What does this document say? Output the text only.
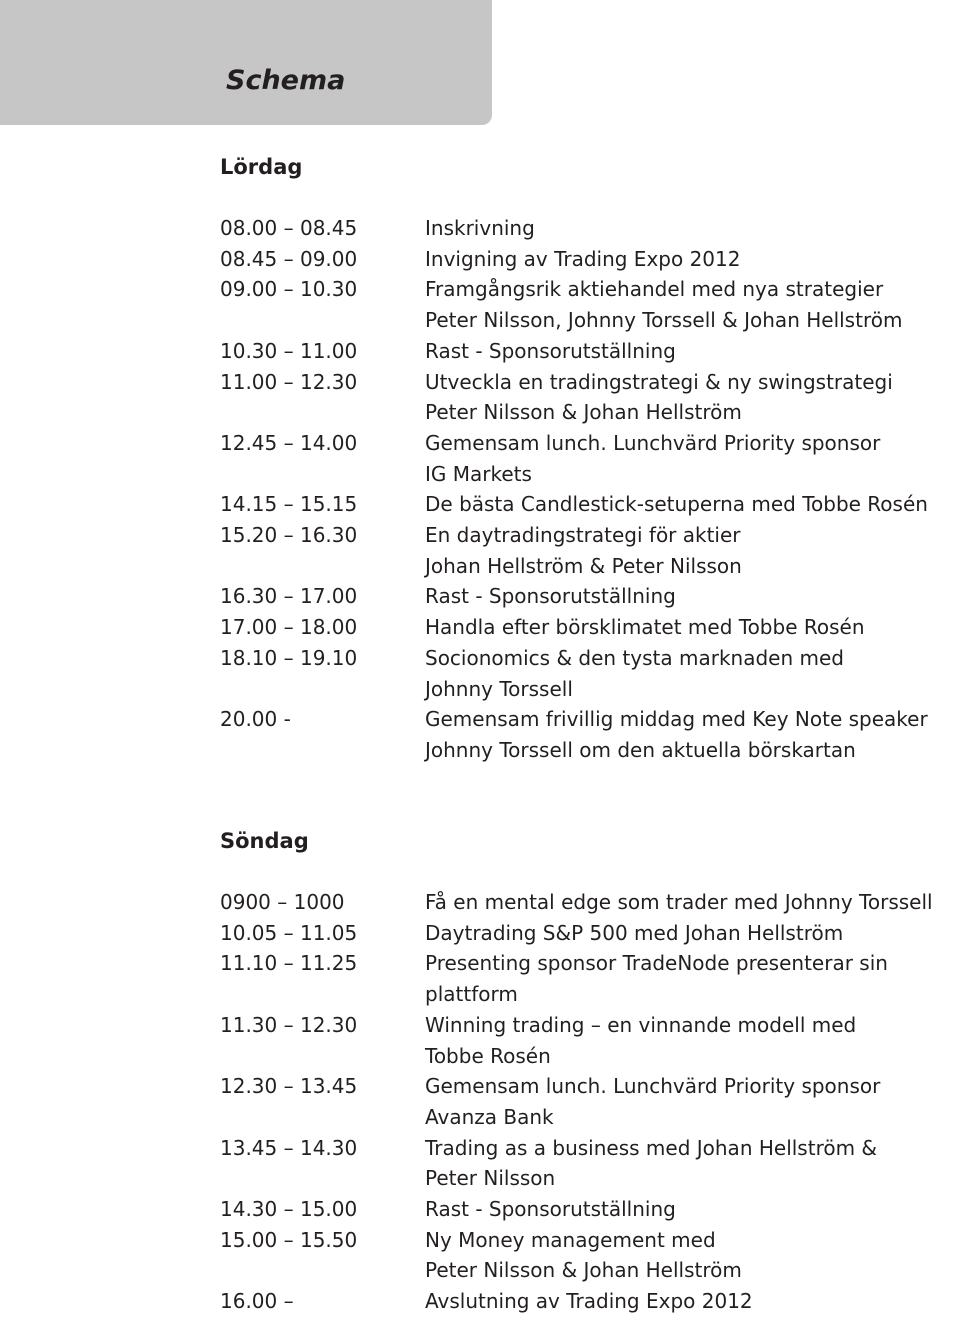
Schema
Lördag
08.00 – 08.45	Inskrivning
08.45 – 09.00	Invigning av Trading Expo 2012
09.00 – 10.30	Framgångsrik aktiehandel med nya strategier
Peter Nilsson, Johnny Torssell & Johan Hellström
10.30 – 11.00	Rast - Sponsorutställning
11.00 – 12.30	Utveckla en tradingstrategi & ny swingstrategi
Peter Nilsson & Johan Hellström
12.45 – 14.00	Gemensam lunch. Lunchvärd Priority sponsor
IG Markets
14.15 – 15.15	De bästa Candlestick-setuperna med Tobbe Rosén
15.20 – 16.30	En daytradingstrategi för aktier
Johan Hellström & Peter Nilsson
16.30 – 17.00	Rast - Sponsorutställning
17.00 – 18.00	Handla efter börsklimatet med Tobbe Rosén
18.10 – 19.10	Socionomics & den tysta marknaden med
Johnny Torssell
20.00 -	Gemensam frivillig middag med Key Note speaker
Johnny Torssell om den aktuella börskartan
Söndag
0900 – 1000	Få en mental edge som trader med Johnny Torssell
10.05 – 11.05	Daytrading S&P 500 med Johan Hellström
11.10 – 11.25	Presenting sponsor TradeNode presenterar sin
plattform
11.30 – 12.30	Winning trading – en vinnande modell med
Tobbe Rosén
12.30 – 13.45	Gemensam lunch. Lunchvärd Priority sponsor
Avanza Bank
13.45 – 14.30	Trading as a business med Johan Hellström &
Peter Nilsson
14.30 – 15.00	Rast - Sponsorutställning
15.00 – 15.50	Ny Money management med
Peter Nilsson & Johan Hellström
16.00 –	Avslutning av Trading Expo 2012
